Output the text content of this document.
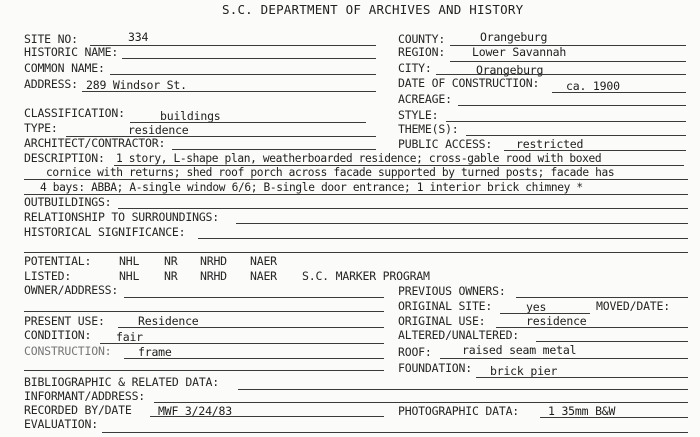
S.C. DEPARTMENT OF ARCHIVES AND HISTORY
SITE NO:	334
HISTORIC NAME:
COMMON NAME:
ADDRESS: 289 Windsor St.
COUNTY:	Orangeburg
REGION: Lower Savannah
CITY:	Orangeburg
DATE OF CONSTRUCTION: ca. 1900
ACREAGE:
CLASSIFICATION:	buildings	STYLE:
TYPE:	residence	THEME(S):
ARCHITECT/CONTRACTOR:	PUBLIC ACCESS: restricted
DESCRIPTION: 1 story, L-shape plan, weatherboarded residence; cross-gable rood with boxed
cornice with returns; shed roof porch across facade supported by turned posts; facade has
4 bays: ABBA; A-single window 6/6; B-single door entrance; 1 interior brick chimney *
OUTBUILDINGS:
RELATIONSHIP TO SURROUNDINGS:
HISTORICAL SIGNIFICANCE:
POTENTIAL: NHL NR NRHD NAER
LISTED:	NHL NR NRHD NAER S.C. MARKER PROGRAM
OWNER/ADDRESS:
PRESENT USE:	Residence
CONDITION: fair
CONSTRUCTION: frame
BIBLIOGRAPHIC & RELATED DATA:
INFORMANT/ADDRESS:
RECORDED BY/DATE MWF 3/24/83
EVALUATION:
PREVIOUS OWNERS:
ORIGINAL SITE:	yes	MOVED/DATE:
ORIGINAL USE:	residence
ALTERED/UNALTERED:
ROOF:	raised seam metal
FOUNDATION: brick pier
PHOTOGRAPHIC DATA:	1 35mm B&W
